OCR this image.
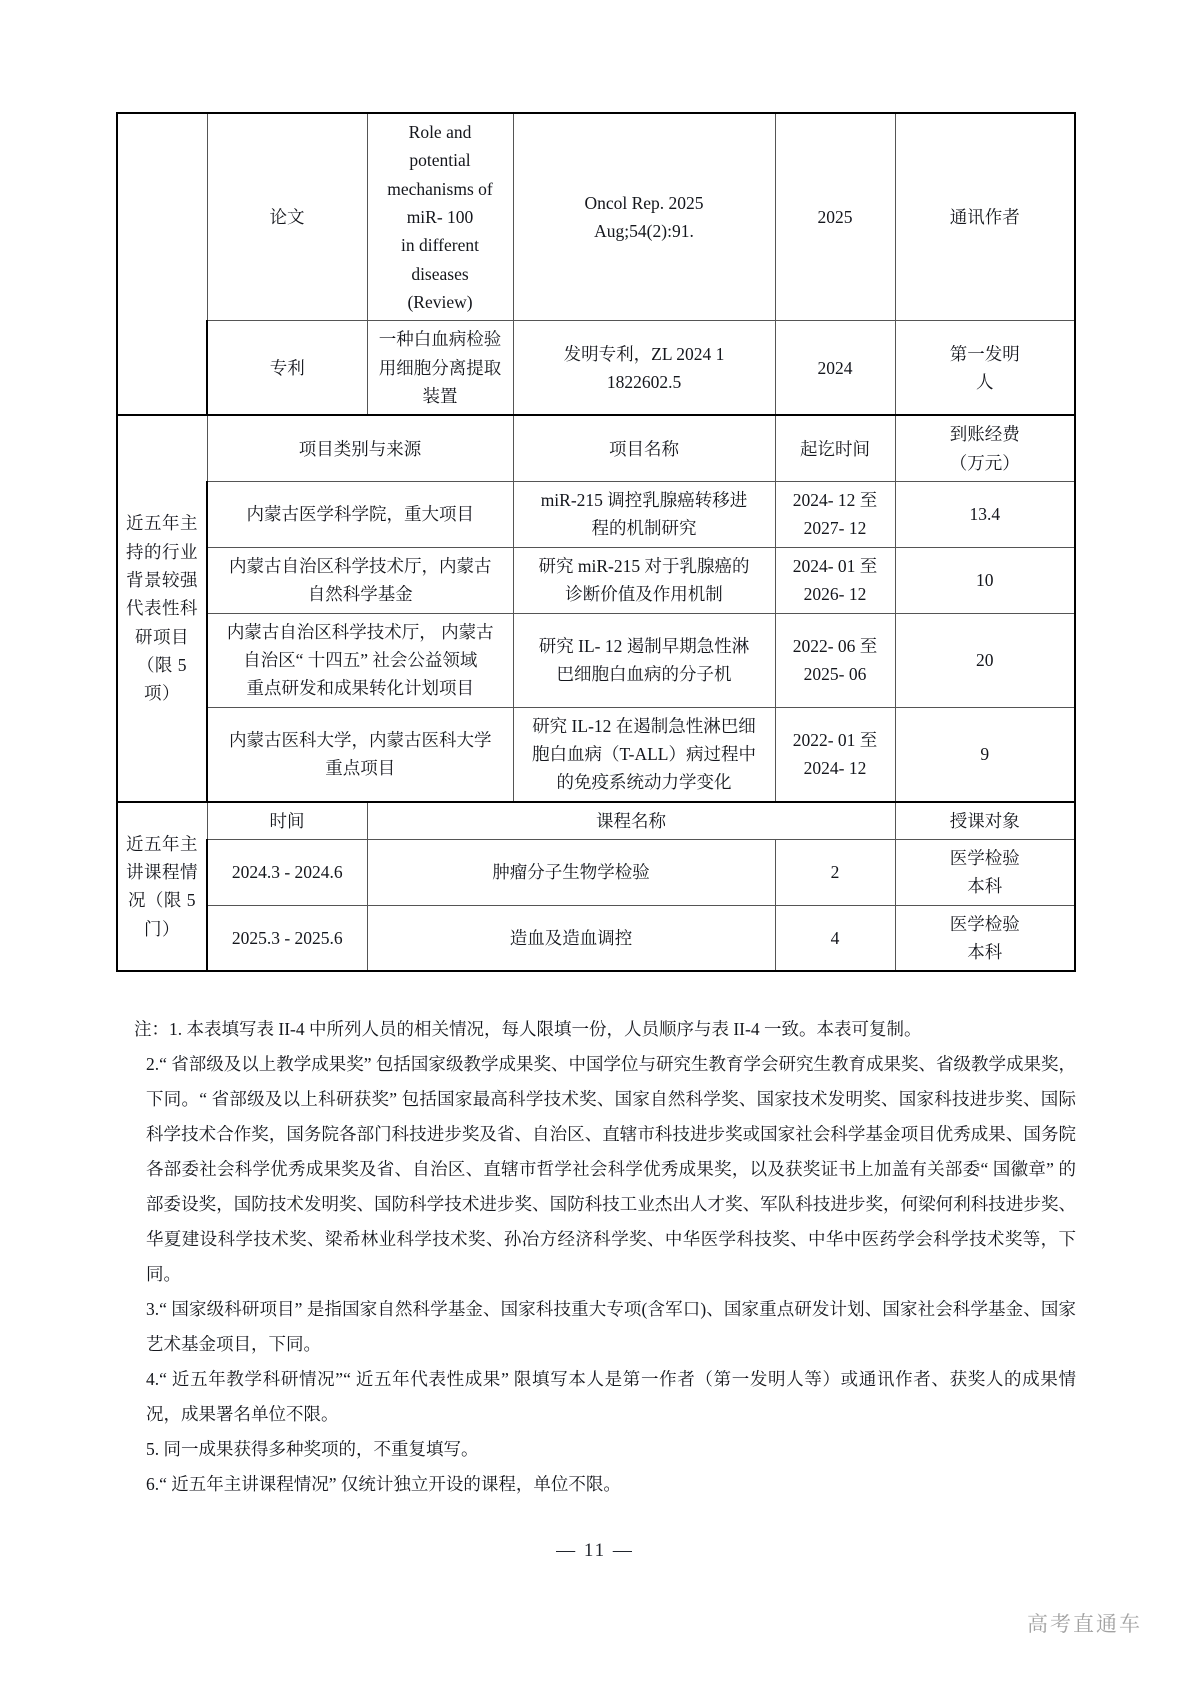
	论文	Role and
potential
mechanisms of
miR- 100
in different
diseases
(Review)	Oncol Rep. 2025
Aug;54(2):91.	2025	通讯作者
	专利	一种白血病检验
用细胞分离提取
装置	发明专利，ZL 2024 1
1822602.5	2024	第一发明
人
近五年主
持的行业
背景较强
代表性科
研项目
（限 5 项）	项目类别与来源	项目名称	起讫时间	到账经费
（万元）
	内蒙古医学科学院，重大项目		miR-215 调控乳腺癌转移进
程的机制研究	2024- 12 至
2027- 12	13.4
	内蒙古自治区科学技术厅，内蒙古
自然科学基金		研究 miR-215 对于乳腺癌的
诊断价值及作用机制	2024- 01 至
2026- 12	10
	内蒙古自治区科学技术厅， 内蒙古
自治区“ 十四五” 社会公益领域
重点研发和成果转化计划项目		研究 IL- 12 遏制早期急性淋
巴细胞白血病的分子机	2022- 06 至
2025- 06	20
	内蒙古医科大学，内蒙古医科大学
重点项目		研究 IL-12 在遏制急性淋巴细
胞白血病（T-ALL）病过程中
的免疫系统动力学变化	2022- 01 至
2024- 12	9
近五年主
讲课程情
况（限 5
门）	时间	课程名称			授课对象
	2024.3 - 2024.6	肿瘤分子生物学检验		2	医学检验
本科
	2025.3 - 2025.6	造血及造血调控		4	医学检验
本科

注：1. 本表填写表 II-4 中所列人员的相关情况，每人限填一份，人员顺序与表 II-4 一致。本表可复制。

2.“ 省部级及以上教学成果奖” 包括国家级教学成果奖、中国学位与研究生教育学会研究生教育成果奖、省级教学成果奖，下同。“ 省部级及以上科研获奖” 包括国家最高科学技术奖、国家自然科学奖、国家技术发明奖、国家科技进步奖、国际科学技术合作奖，国务院各部门科技进步奖及省、自治区、直辖市科技进步奖或国家社会科学基金项目优秀成果、国务院各部委社会科学优秀成果奖及省、自治区、直辖市哲学社会科学优秀成果奖，以及获奖证书上加盖有关部委“ 国徽章” 的部委设奖，国防技术发明奖、国防科学技术进步奖、国防科技工业杰出人才奖、军队科技进步奖，何梁何利科技进步奖、华夏建设科学技术奖、梁希林业科学技术奖、孙冶方经济科学奖、中华医学科技奖、中华中医药学会科学技术奖等，下同。

3.“ 国家级科研项目” 是指国家自然科学基金、国家科技重大专项(含军口)、国家重点研发计划、国家社会科学基金、国家艺术基金项目，下同。

4.“ 近五年教学科研情况”“ 近五年代表性成果” 限填写本人是第一作者（第一发明人等）或通讯作者、获奖人的成果情况，成果署名单位不限。

5. 同一成果获得多种奖项的，不重复填写。

6.“ 近五年主讲课程情况” 仅统计独立开设的课程，单位不限。

— 11 —
高考直通车
